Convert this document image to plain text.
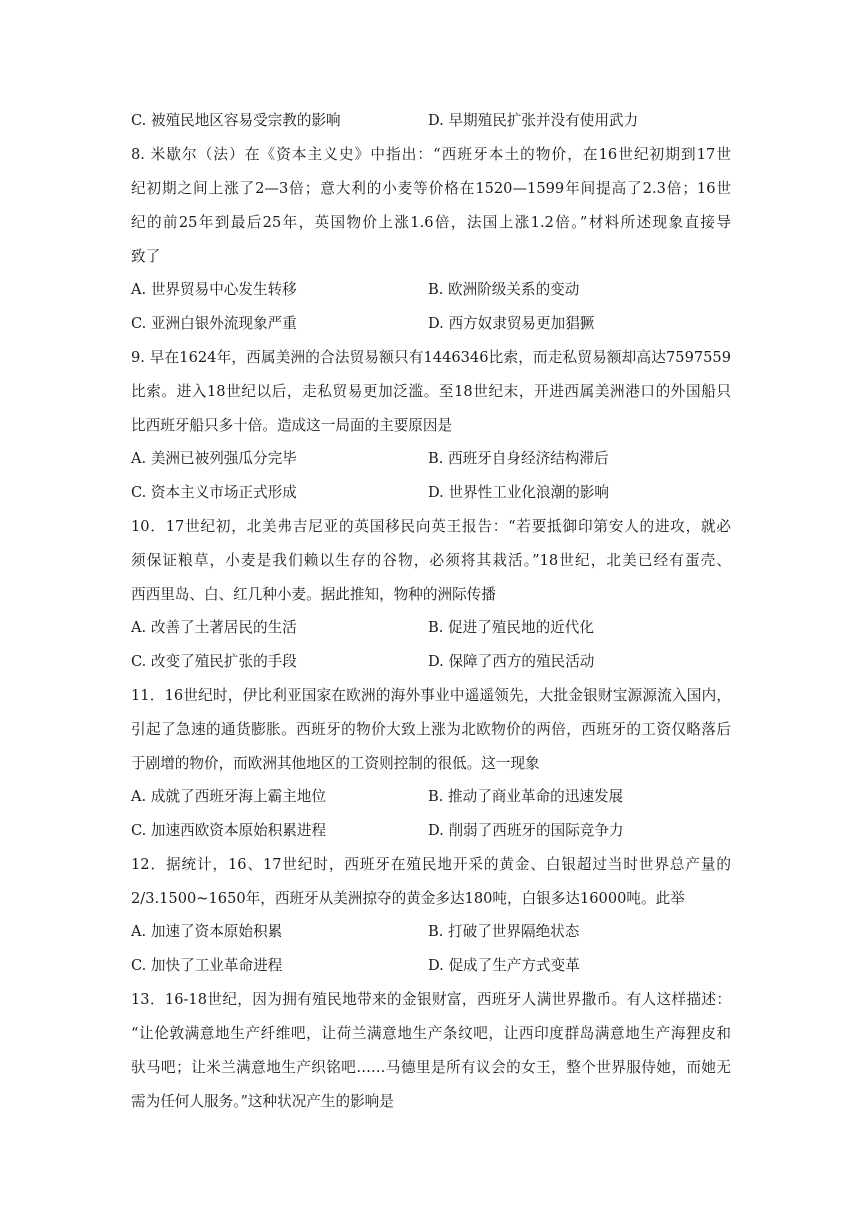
C. 被殖民地区容易受宗教的影响	D. 早期殖民扩张并没有使用武力
8. 米歇尔（法）在《资本主义史》中指出：“西班牙本土的物价，在16世纪初期到17世
纪初期之间上涨了2—3倍；意大利的小麦等价格在1520—1599年间提高了2.3倍；16世
纪的前25年到最后25年，英国物价上涨1.6倍，法国上涨1.2倍。”材料所述现象直接导
致了
A. 世界贸易中心发生转移	B. 欧洲阶级关系的变动
C. 亚洲白银外流现象严重	D. 西方奴隶贸易更加猖獗
9. 早在1624年，西属美洲的合法贸易额只有1446346比索，而走私贸易额却高达7597559
比索。进入18世纪以后，走私贸易更加泛滥。至18世纪末，开进西属美洲港口的外国船只
比西班牙船只多十倍。造成这一局面的主要原因是
A. 美洲已被列强瓜分完毕	B. 西班牙自身经济结构滞后
C. 资本主义市场正式形成	D. 世界性工业化浪潮的影响
10．17世纪初，北美弗吉尼亚的英国移民向英王报告：“若要抵御印第安人的进攻，就必
须保证粮草，小麦是我们赖以生存的谷物，必须将其栽活。”18世纪，北美已经有蛋壳、
西西里岛、白、红几种小麦。据此推知，物种的洲际传播
A. 改善了土著居民的生活	B. 促进了殖民地的近代化
C. 改变了殖民扩张的手段	D. 保障了西方的殖民活动
11．16世纪时，伊比利亚国家在欧洲的海外事业中遥遥领先，大批金银财宝源源流入国内，
引起了急速的通货膨胀。西班牙的物价大致上涨为北欧物价的两倍，西班牙的工资仅略落后
于剧增的物价，而欧洲其他地区的工资则控制的很低。这一现象
A. 成就了西班牙海上霸主地位	B. 推动了商业革命的迅速发展
C. 加速西欧资本原始积累进程	D. 削弱了西班牙的国际竞争力
12．据统计，16、17世纪时，西班牙在殖民地开采的黄金、白银超过当时世界总产量的
2/3.1500~1650年，西班牙从美洲掠夺的黄金多达180吨，白银多达16000吨。此举
A. 加速了资本原始积累	B. 打破了世界隔绝状态
C. 加快了工业革命进程	D. 促成了生产方式变革
13．16-18世纪，因为拥有殖民地带来的金银财富，西班牙人满世界撒币。有人这样描述：
“让伦敦满意地生产纤维吧，让荷兰满意地生产条纹吧，让西印度群岛满意地生产海狸皮和
驮马吧；让米兰满意地生产织铭吧……马德里是所有议会的女王，整个世界服侍她，而她无
需为任何人服务。”这种状况产生的影响是
